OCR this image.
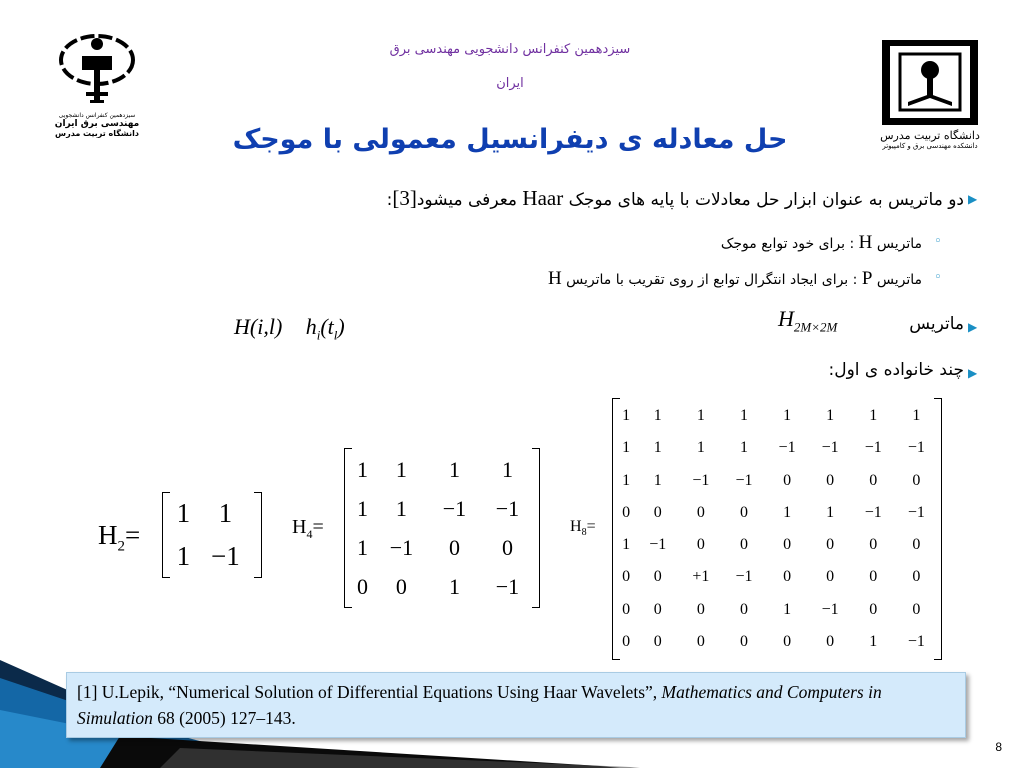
سیزدهمین کنفرانس دانشجویی
مهندسی برق ایران
دانشگاه تربیت مدرس	دانشگاه تربیت مدرس
دانشکده مهندسی برق و کامپیوتر
سیزدهمین کنفرانس دانشجویی مهندسی برق
ایران
حل معادله ی دیفرانسیل معمولی با موجک
دو ماتریس به عنوان ابزار حل معادلات با پایه های موجک Haar معرفی میشود[3]:	▶
ماتریس H : برای خود توابع موجک	◦
ماتریس P : برای ایجاد انتگرال توابع از روی تقریب با ماتریس H	◦
ماتریس
$H_{2M\times 2M}$	▶
H(i,l) $h_i(t_l)$
چند خانواده ی اول: ▶
$H_2=$
1	1
1	−1
$H_4=$
1	1	1	1
1	1	−1	−1
1	−1	0	0
0	0	1	−1
$H_8=$
1	1	1	1	1	1	1	1
1	1	1	1	−1	−1	−1	−1
1	1	−1	−1	0	0	0	0
0	0	0	0	1	1	−1	−1
1	−1	0	0	0	0	0	0
0	0	+1	−1	0	0	0	0
0	0	0	0	1	−1	0	0
0	0	0	0	0	0	1	−1
[1] U.Lepik, “Numerical Solution of Differential Equations Using Haar Wavelets”, Mathematics and Computers in Simulation 68 (2005) 127–143.
8
